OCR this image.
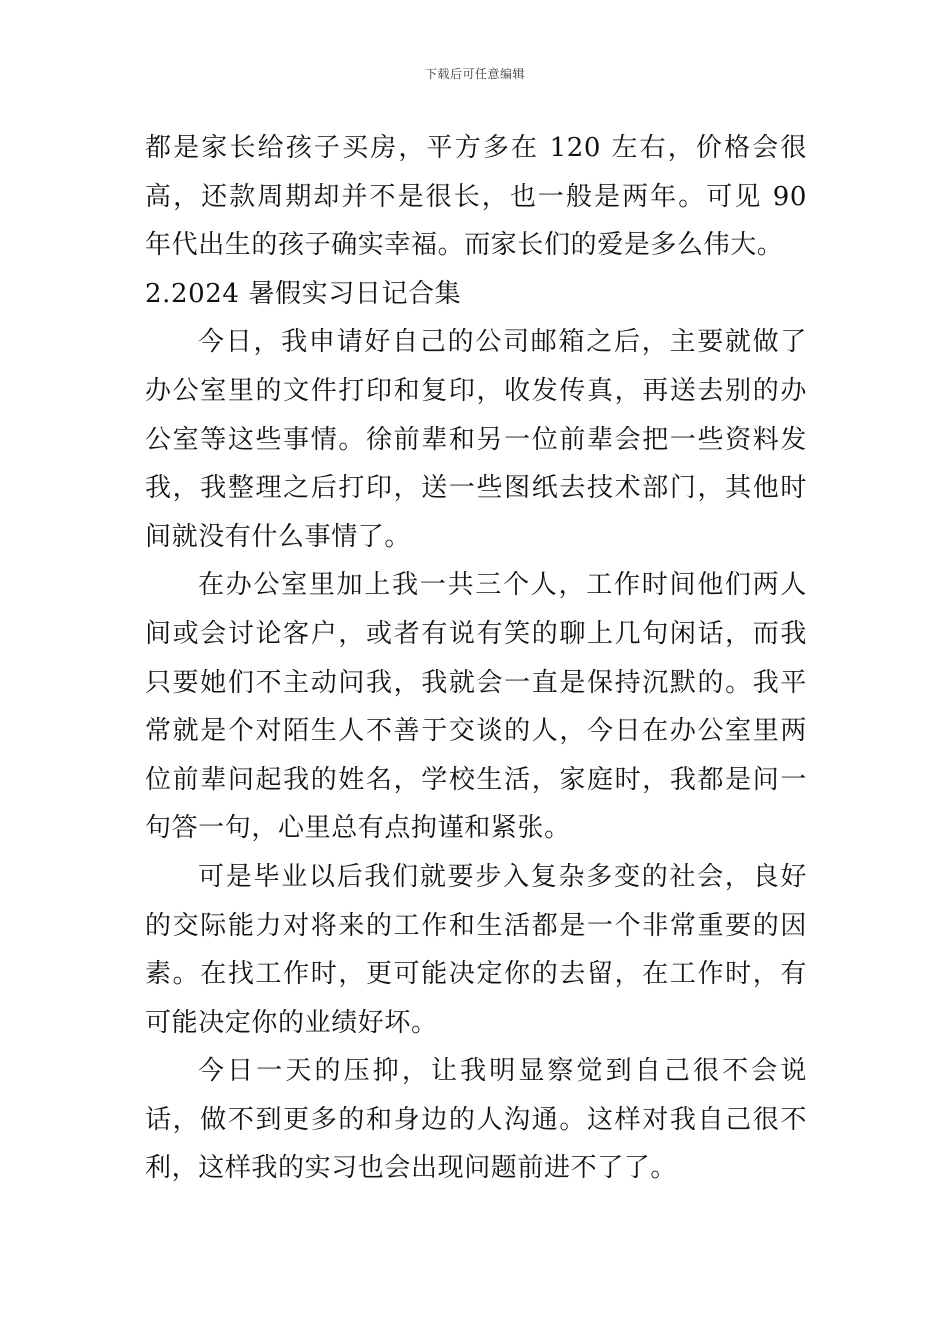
下载后可任意编辑

都是家长给孩子买房，平方多在 120 左右，价格会很高，还款周期却并不是很长，也一般是两年。可见 90 年代出生的孩子确实幸福。而家长们的爱是多么伟大。

2.2024 暑假实习日记合集

今日，我申请好自己的公司邮箱之后，主要就做了办公室里的文件打印和复印，收发传真，再送去别的办公室等这些事情。徐前辈和另一位前辈会把一些资料发我，我整理之后打印，送一些图纸去技术部门，其他时间就没有什么事情了。

在办公室里加上我一共三个人，工作时间他们两人间或会讨论客户，或者有说有笑的聊上几句闲话，而我只要她们不主动问我，我就会一直是保持沉默的。我平常就是个对陌生人不善于交谈的人，今日在办公室里两位前辈问起我的姓名，学校生活，家庭时，我都是问一句答一句，心里总有点拘谨和紧张。

可是毕业以后我们就要步入复杂多变的社会，良好的交际能力对将来的工作和生活都是一个非常重要的因素。在找工作时，更可能决定你的去留，在工作时，有可能决定你的业绩好坏。

今日一天的压抑，让我明显察觉到自己很不会说话，做不到更多的和身边的人沟通。这样对我自己很不利，这样我的实习也会出现问题前进不了了。
